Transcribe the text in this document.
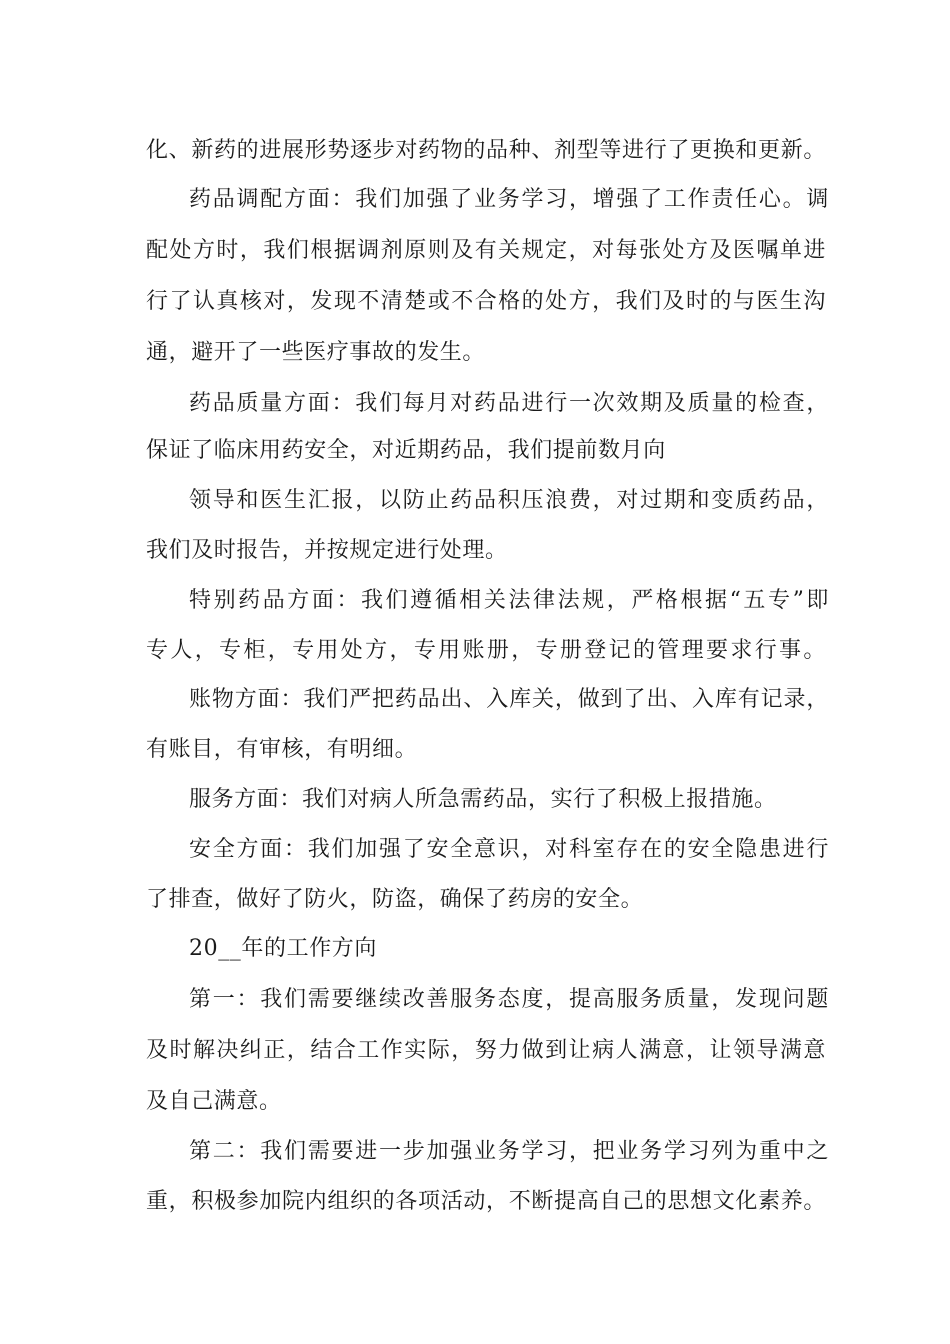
化、新药的进展形势逐步对药物的品种、剂型等进行了更换和更新。
药品调配方面：我们加强了业务学习，增强了工作责任心。调
配处方时，我们根据调剂原则及有关规定，对每张处方及医嘱单进
行了认真核对，发现不清楚或不合格的处方，我们及时的与医生沟
通，避开了一些医疗事故的发生。
药品质量方面：我们每月对药品进行一次效期及质量的检查，
保证了临床用药安全，对近期药品，我们提前数月向
领导和医生汇报，以防止药品积压浪费，对过期和变质药品，
我们及时报告，并按规定进行处理。
特别药品方面：我们遵循相关法律法规，严格根据“五专”即
专人，专柜，专用处方，专用账册，专册登记的管理要求行事。
账物方面：我们严把药品出、入库关，做到了出、入库有记录，
有账目，有审核，有明细。
服务方面：我们对病人所急需药品，实行了积极上报措施。
安全方面：我们加强了安全意识，对科室存在的安全隐患进行
了排查，做好了防火，防盗，确保了药房的安全。
20__年的工作方向
第一：我们需要继续改善服务态度，提高服务质量，发现问题
及时解决纠正，结合工作实际，努力做到让病人满意，让领导满意
及自己满意。
第二：我们需要进一步加强业务学习，把业务学习列为重中之
重，积极参加院内组织的各项活动，不断提高自己的思想文化素养。
